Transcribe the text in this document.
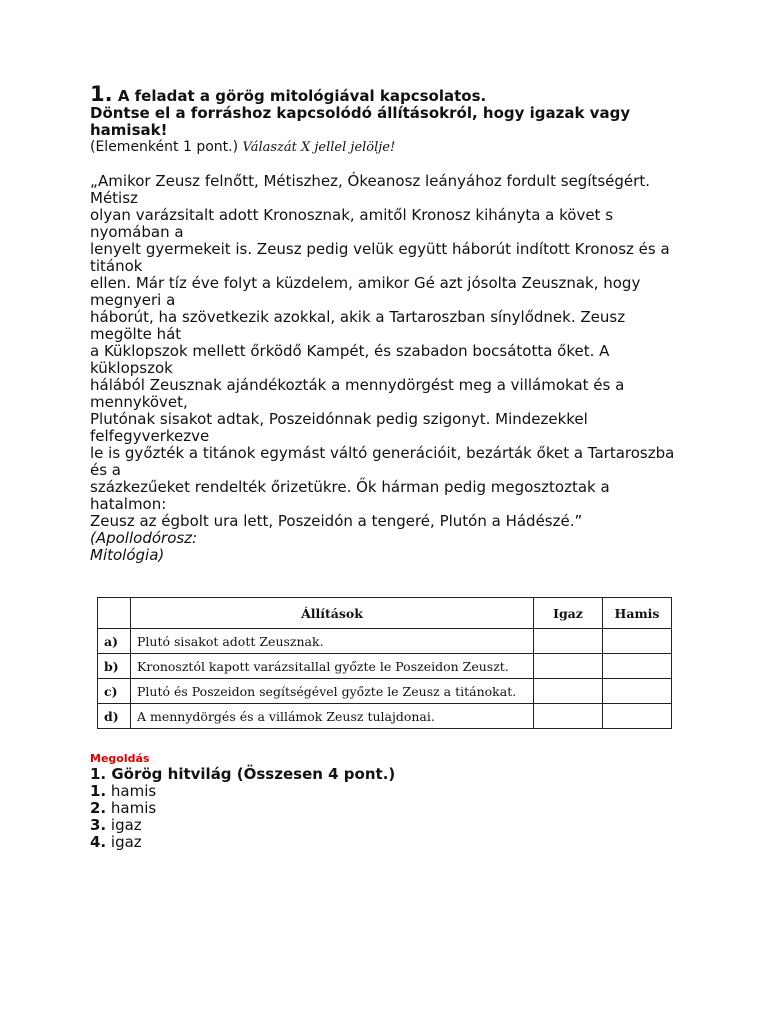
1. A feladat a görög mitológiával kapcsolatos.

Döntse el a forráshoz kapcsolódó állításokról, hogy igazak vagy
hamisak!

(Elemenként 1 pont.) Válaszát X jellel jelölje!

„Amikor Zeusz felnőtt, Métiszhez, Ókeanosz leányához fordult segítségért. Métisz
olyan varázsitalt adott Kronosznak, amitől Kronosz kihányta a követ s nyomában a
lenyelt gyermekeit is. Zeusz pedig velük együtt háborút indított Kronosz és a titánok
ellen. Már tíz éve folyt a küzdelem, amikor Gé azt jósolta Zeusznak, hogy megnyeri a
háborút, ha szövetkezik azokkal, akik a Tartaroszban sínylődnek. Zeusz megölte hát
a Küklopszok mellett őrködő Kampét, és szabadon bocsátotta őket. A küklopszok
hálából Zeusznak ajándékozták a mennydörgést meg a villámokat és a mennykövet,
Plutónak sisakot adtak, Poszeidónnak pedig szigonyt. Mindezekkel felfegyverkezve
le is győzték a titánok egymást váltó generációit, bezárták őket a Tartaroszba és a
százkezűeket rendelték őrizetükre. Ők hárman pedig megosztoztak a hatalmon:
Zeusz az égbolt ura lett, Poszeidón a tengeré, Plutón a Hádészé.”
(Apollodórosz:
Mitológia)
	Állítások	Igaz	Hamis
a)	Plutó sisakot adott Zeusznak.		
b)	Kronosztól kapott varázsitallal győzte le Poszeidon Zeuszt.		
c)	Plutó és Poszeidon segítségével győzte le Zeusz a titánokat.		
d)	A mennydörgés és a villámok Zeusz tulajdonai.		
Megoldás
1. Görög hitvilág (Összesen 4 pont.)
1. hamis
2. hamis
3. igaz
4. igaz
